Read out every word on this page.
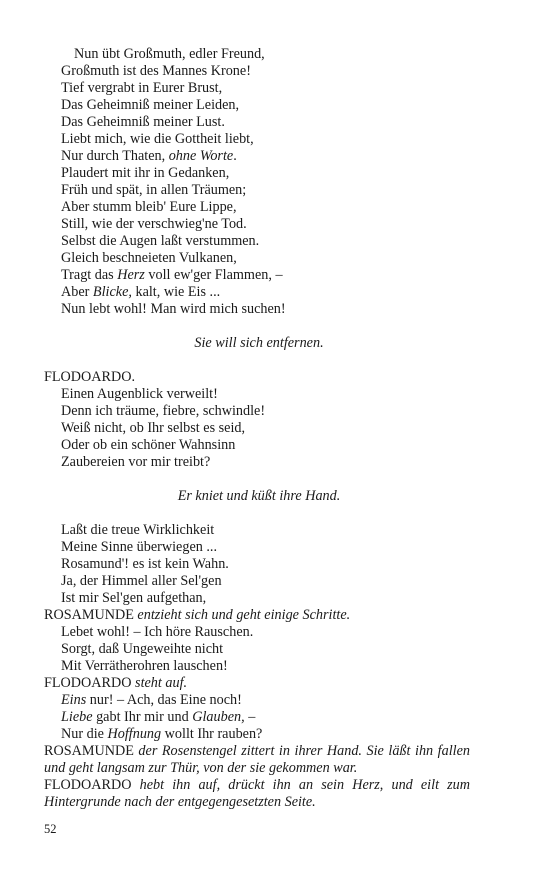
Nun übt Großmuth, edler Freund,
Großmuth ist des Mannes Krone!
Tief vergrabt in Eurer Brust,
Das Geheimniß meiner Leiden,
Das Geheimniß meiner Lust.
Liebt mich, wie die Gottheit liebt,
Nur durch Thaten, ohne Worte.
Plaudert mit ihr in Gedanken,
Früh und spät, in allen Träumen;
Aber stumm bleib' Eure Lippe,
Still, wie der verschwieg'ne Tod.
Selbst die Augen laßt verstummen.
Gleich beschneieten Vulkanen,
Tragt das Herz voll ew'ger Flammen, –
Aber Blicke, kalt, wie Eis ...
Nun lebt wohl! Man wird mich suchen!
Sie will sich entfernen.
FLODOARDO.
Einen Augenblick verweilt!
Denn ich träume, fiebre, schwindle!
Weiß nicht, ob Ihr selbst es seid,
Oder ob ein schöner Wahnsinn
Zaubereien vor mir treibt?
Er kniet und küßt ihre Hand.
Laßt die treue Wirklichkeit
Meine Sinne überwiegen ...
Rosamund'! es ist kein Wahn.
Ja, der Himmel aller Sel'gen
Ist mir Sel'gen aufgethan,
ROSAMUNDE entzieht sich und geht einige Schritte.
Lebet wohl! – Ich höre Rauschen.
Sorgt, daß Ungeweihte nicht
Mit Verrätherohren lauschen!
FLODOARDO steht auf.
Eins nur! – Ach, das Eine noch!
Liebe gabt Ihr mir und Glauben, –
Nur die Hoffnung wollt Ihr rauben?
ROSAMUNDE der Rosenstengel zittert in ihrer Hand. Sie läßt ihn fallen und geht langsam zur Thür, von der sie gekommen war.
FLODOARDO hebt ihn auf, drückt ihn an sein Herz, und eilt zum Hintergrunde nach der entgegengesetzten Seite.
52
